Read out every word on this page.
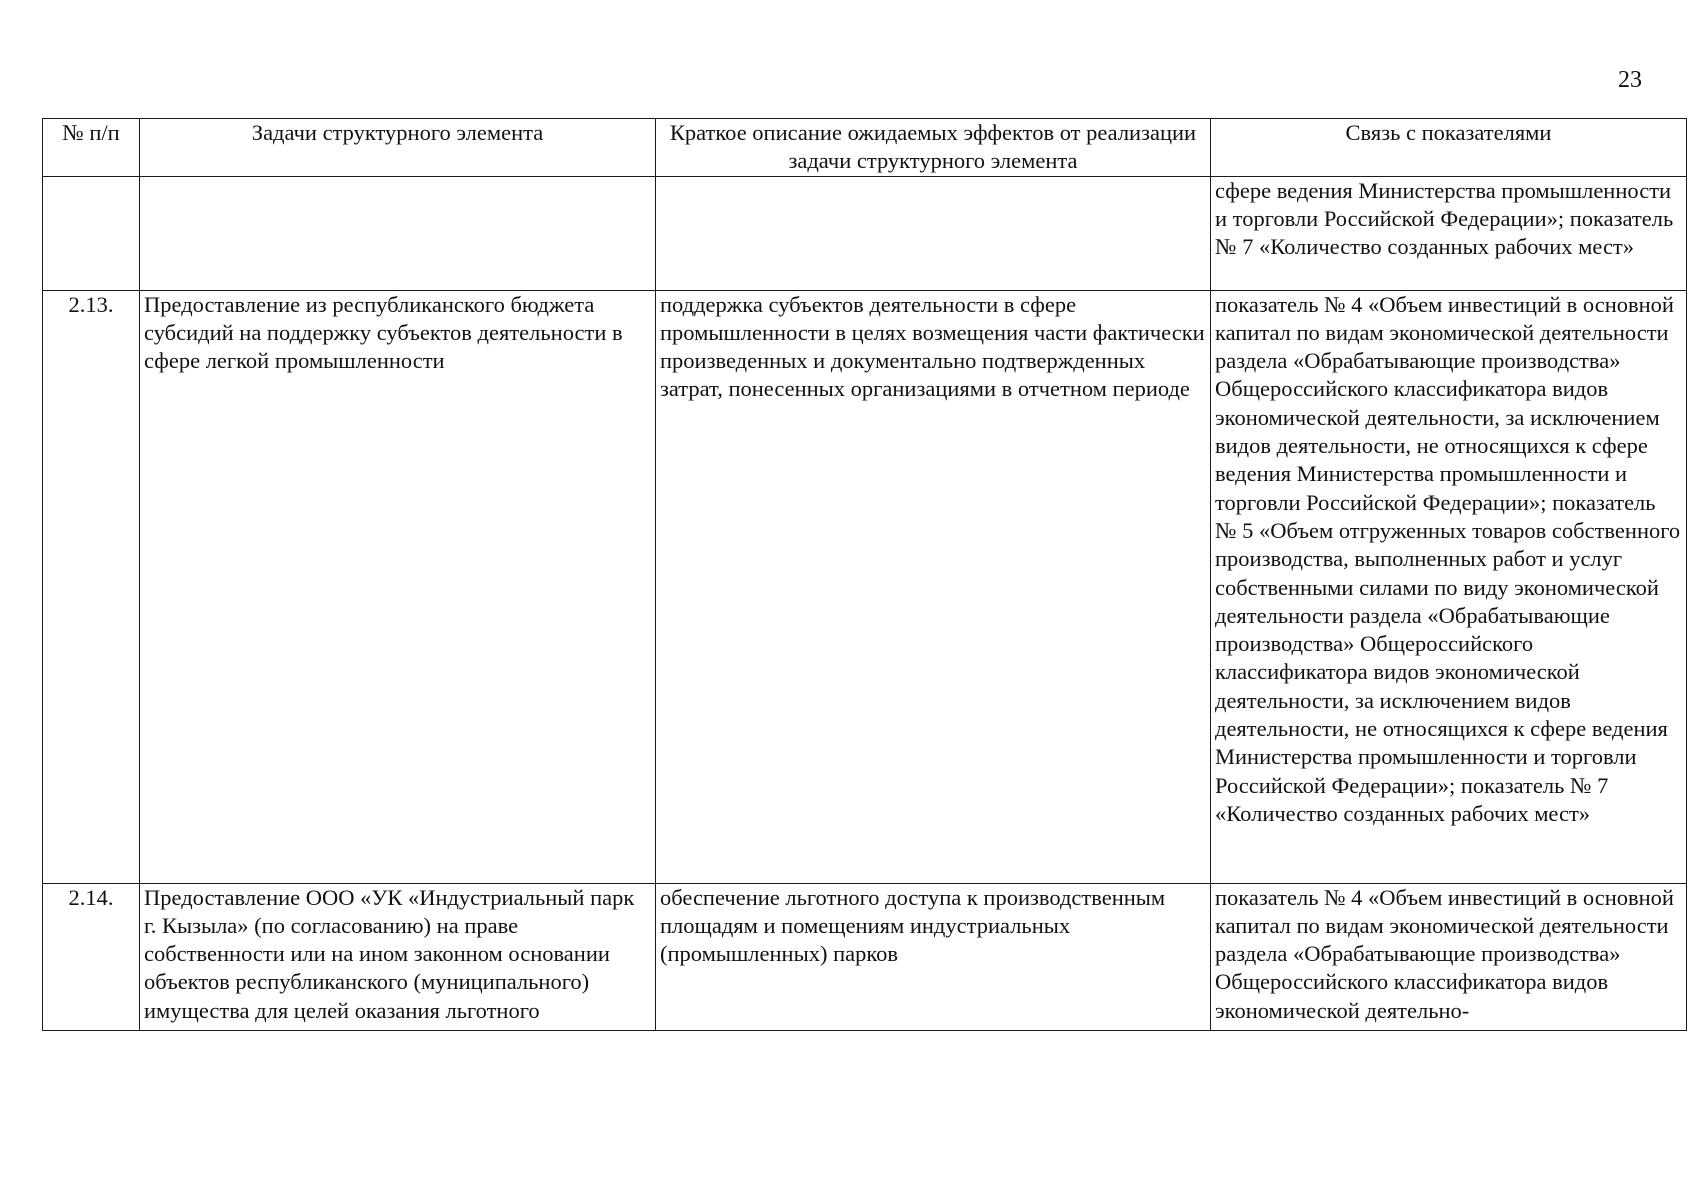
23
№ п/п	Задачи структурного элемента	Краткое описание ожидаемых эффектов от реализации задачи структурного элемента	Связь с показателями
			сфере ведения Министерства промышленности и торговли Российской Федерации»; показатель № 7 «Количество созданных рабочих мест»
2.13.	Предоставление из республиканского бюджета субсидий на поддержку субъектов деятельности в сфере легкой промышленности	поддержка субъектов деятельности в сфере промышленности в целях возмещения части фактически произведенных и документально подтвержденных затрат, понесенных организациями в отчетном периоде	показатель № 4 «Объем инвестиций в основной капитал по видам экономической деятельности раздела «Обрабатывающие производства» Общероссийского классификатора видов экономической деятельности, за исключением видов деятельности, не относящихся к сфере ведения Министерства промышленности и торговли Российской Федерации»; показатель № 5 «Объем отгруженных товаров собственного производства, выполненных работ и услуг собственными силами по виду экономической деятельности раздела «Обрабатывающие производства» Общероссийского классификатора видов экономической деятельности, за исключением видов деятельности, не относящихся к сфере ведения Министерства промышленности и торговли Российской Федерации»; показатель № 7 «Количество созданных рабочих мест»
2.14.	Предоставление ООО «УК «Индустриальный парк г. Кызыла» (по согласованию) на праве собственности или на ином законном основании объектов республиканского (муниципального) имущества для целей оказания льготного	обеспечение льготного доступа к производственным площадям и помещениям индустриальных (промышленных) парков	показатель № 4 «Объем инвестиций в основной капитал по видам экономической деятельности раздела «Обрабатывающие производства» Общероссийского классификатора видов экономической деятельно-
